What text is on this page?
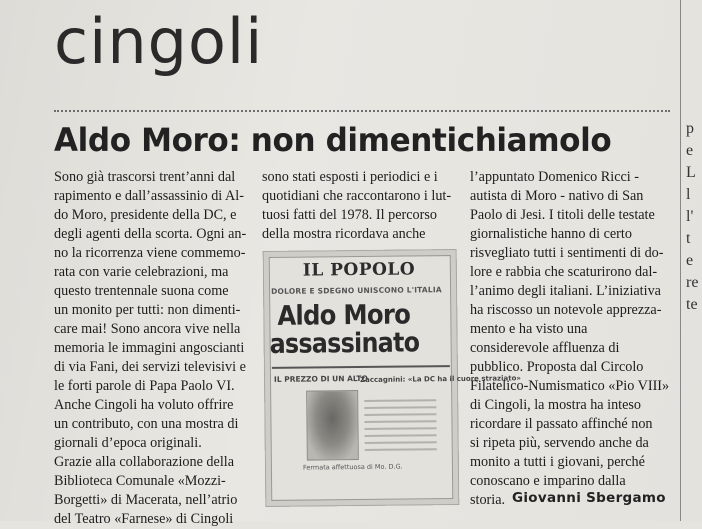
cingoli
p
e
L
l
l'
t
e
re
te
Aldo Moro: non dimentichiamolo
Sono già trascorsi trent’anni dal
rapimento e dall’assassinio di Al-
do Moro, presidente della DC, e
degli agenti della scorta. Ogni an-
no la ricorrenza viene commemo-
rata con varie celebrazioni, ma
questo trentennale suona come
un monito per tutti: non dimenti-
care mai! Sono ancora vive nella
memoria le immagini angoscianti
di via Fani, dei servizi televisivi e
le forti parole di Papa Paolo VI.
Anche Cingoli ha voluto offrire
un contributo, con una mostra di
giornali d’epoca originali.
Grazie alla collaborazione della
Biblioteca Comunale «Mozzi-
Borgetti» di Macerata, nell’atrio
del Teatro «Farnese» di Cingoli
sono stati esposti i periodici e i
quotidiani che raccontarono i lut-
tuosi fatti del 1978. Il percorso
della mostra ricordava anche
IL POPOLO
DOLORE E SDEGNO UNISCONO L'ITALIA
Aldo Moro
assassinato
IL PREZZO DI UN ALTO
Zaccagnini: «La DC ha il cuore straziato»
Fermata affettuosa di Mo. D.G.
l’appuntato Domenico Ricci -
autista di Moro - nativo di San
Paolo di Jesi. I titoli delle testate
giornalistiche hanno di certo
risvegliato tutti i sentimenti di do-
lore e rabbia che scaturirono dal-
l’animo degli italiani. L’iniziativa
ha riscosso un notevole apprezza-
mento e ha visto una
considerevole affluenza di
pubblico. Proposta dal Circolo
Filatelico-Numismatico «Pio VIII»
di Cingoli, la mostra ha inteso
ricordare il passato affinché non
si ripeta più, servendo anche da
monito a tutti i giovani, perché
conoscano e imparino dalla
storia. Giovanni Sbergamo
